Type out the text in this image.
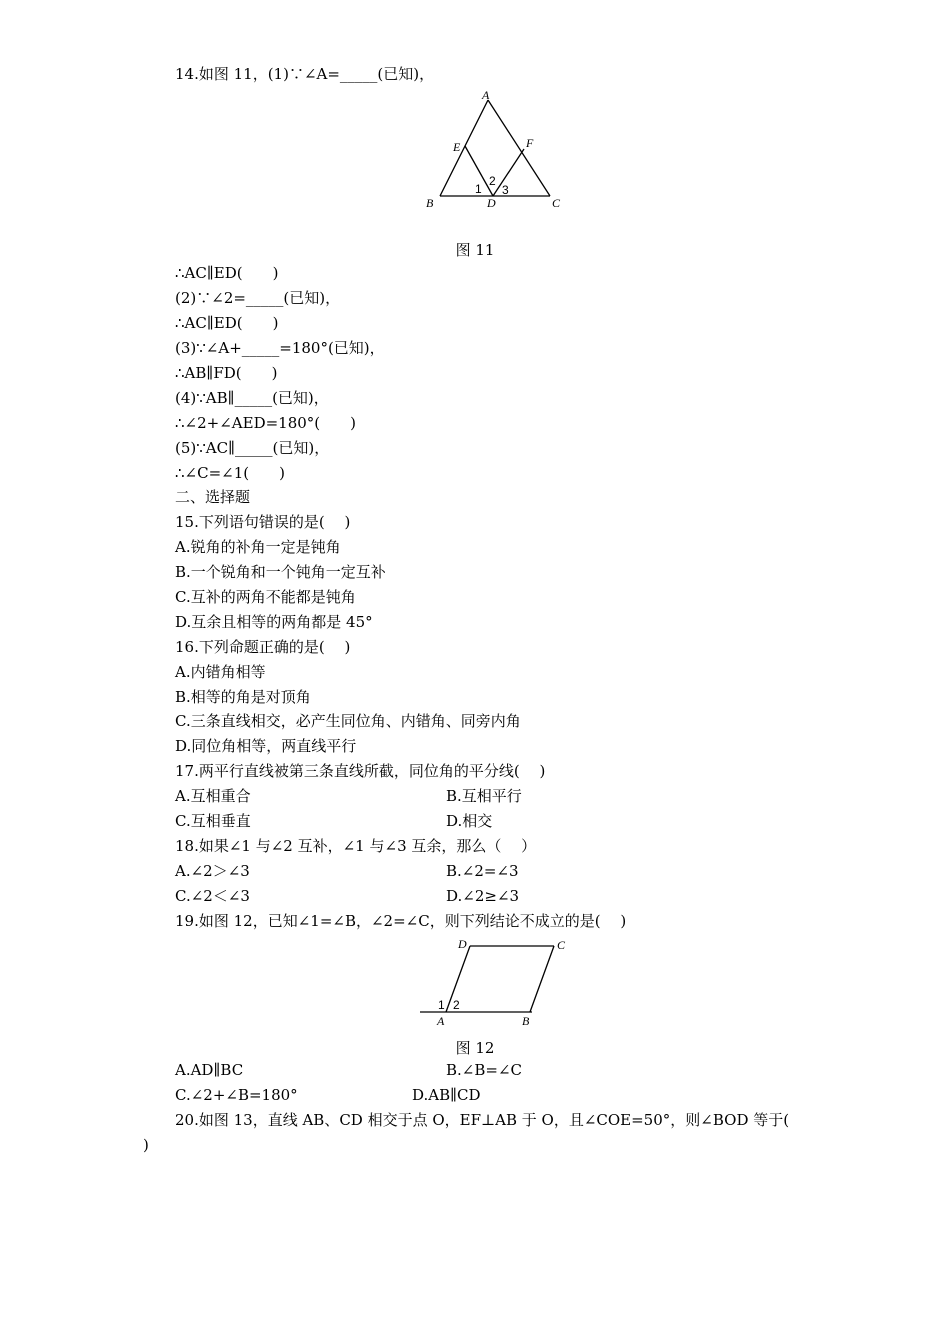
14.如图 11，(1)∵∠A=_____(已知)，
A
E	F
B	D	C
1
2
3
图 11
∴AC∥ED(　　)
(2)∵∠2=_____(已知)，
∴AC∥ED(　　)
(3)∵∠A+_____=180°(已知)，
∴AB∥FD(　　)
(4)∵AB∥_____(已知)，
∴∠2+∠AED=180°(　　)
(5)∵AC∥_____(已知)，
∴∠C=∠1(　　)
二、选择题
15.下列语句错误的是(　 )
A.锐角的补角一定是钝角
B.一个锐角和一个钝角一定互补
C.互补的两角不能都是钝角
D.互余且相等的两角都是 45°
16.下列命题正确的是(　 )
A.内错角相等
B.相等的角是对顶角
C.三条直线相交，必产生同位角、内错角、同旁内角
D.同位角相等，两直线平行
17.两平行直线被第三条直线所截，同位角的平分线(　 )
A.互相重合	B.互相平行
C.互相垂直	D.相交
18.如果∠1 与∠2 互补，∠1 与∠3 互余，那么（　 ）
A.∠2＞∠3	B.∠2=∠3
C.∠2＜∠3	D.∠2≥∠3
19.如图 12，已知∠1=∠B，∠2=∠C，则下列结论不成立的是(　 )
D	C
A	B
1 2
图 12
A.AD∥BC	B.∠B=∠C
C.∠2+∠B=180°	D.AB∥CD
20.如图 13，直线 AB、CD 相交于点 O，EF⊥AB 于 O，且∠COE=50°，则∠BOD 等于(
)
